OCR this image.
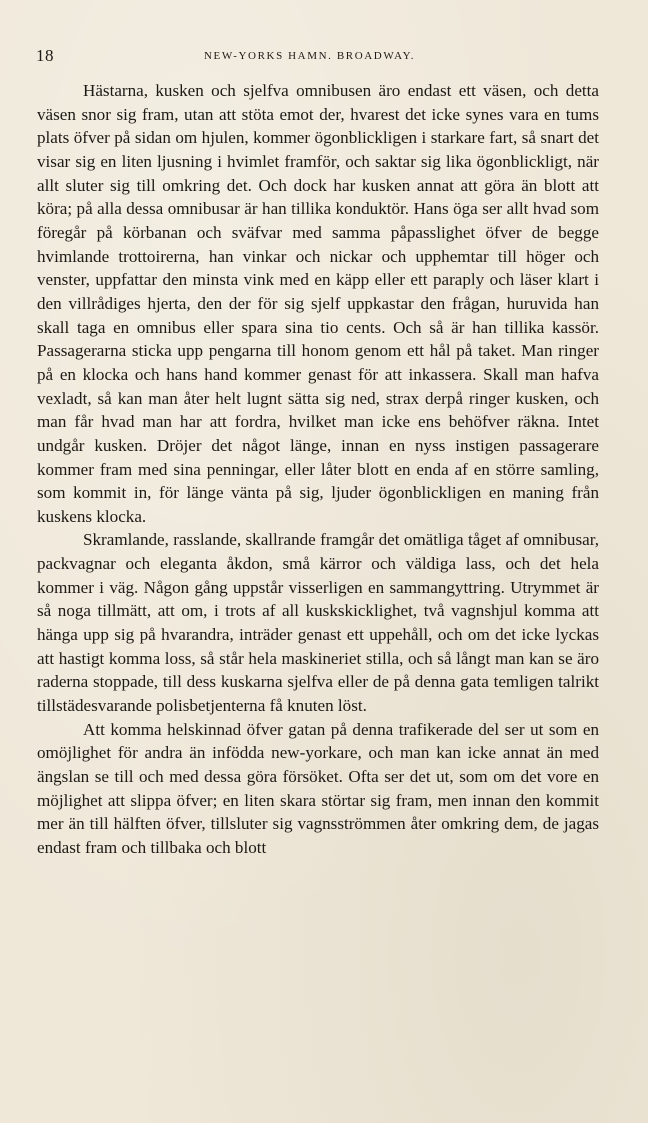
18	NEW-YORKS HAMN. BROADWAY.

Hästarna, kusken och sjelfva omnibusen äro endast ett väsen, och detta väsen snor sig fram, utan att stöta emot der, hvarest det icke synes vara en tums plats öfver på sidan om hjulen, kommer ögonblickligen i starkare fart, så snart det visar sig en liten ljusning i hvimlet framför, och saktar sig lika ögonblickligt, när allt sluter sig till omkring det. Och dock har kusken annat att göra än blott att köra; på alla dessa omnibusar är han tillika konduktör. Hans öga ser allt hvad som föregår på körbanan och sväfvar med samma påpasslighet öfver de begge hvimlande trottoirerna, han vinkar och nickar och upphemtar till höger och venster, uppfattar den minsta vink med en käpp eller ett paraply och läser klart i den villrådiges hjerta, den der för sig sjelf uppkastar den frågan, huruvida han skall taga en omnibus eller spara sina tio cents. Och så är han tillika kassör. Passagerarna sticka upp pengarna till honom genom ett hål på taket. Man ringer på en klocka och hans hand kommer genast för att inkassera. Skall man hafva vexladt, så kan man åter helt lugnt sätta sig ned, strax derpå ringer kusken, och man får hvad man har att fordra, hvilket man icke ens behöfver räkna. Intet undgår kusken. Dröjer det något länge, innan en nyss instigen passagerare kommer fram med sina penningar, eller låter blott en enda af en större samling, som kommit in, för länge vänta på sig, ljuder ögonblickligen en maning från kuskens klocka.

Skramlande, rasslande, skallrande framgår det omätliga tåget af omnibusar, packvagnar och eleganta åkdon, små kärror och väldiga lass, och det hela kommer i väg. Någon gång uppstår visserligen en sammangyttring. Utrymmet är så noga tillmätt, att om, i trots af all kuskskicklighet, två vagnshjul komma att hänga upp sig på hvarandra, inträder genast ett uppehåll, och om det icke lyckas att hastigt komma loss, så står hela maskineriet stilla, och så långt man kan se äro raderna stoppade, till dess kuskarna sjelfva eller de på denna gata temligen talrikt tillstädesvarande polisbetjenterna få knuten löst.

Att komma helskinnad öfver gatan på denna trafikerade del ser ut som en omöjlighet för andra än infödda new-yorkare, och man kan icke annat än med ängslan se till och med dessa göra försöket. Ofta ser det ut, som om det vore en möjlighet att slippa öfver; en liten skara störtar sig fram, men innan den kommit mer än till hälften öfver, tillsluter sig vagnsströmmen åter omkring dem, de jagas endast fram och tillbaka och blott
